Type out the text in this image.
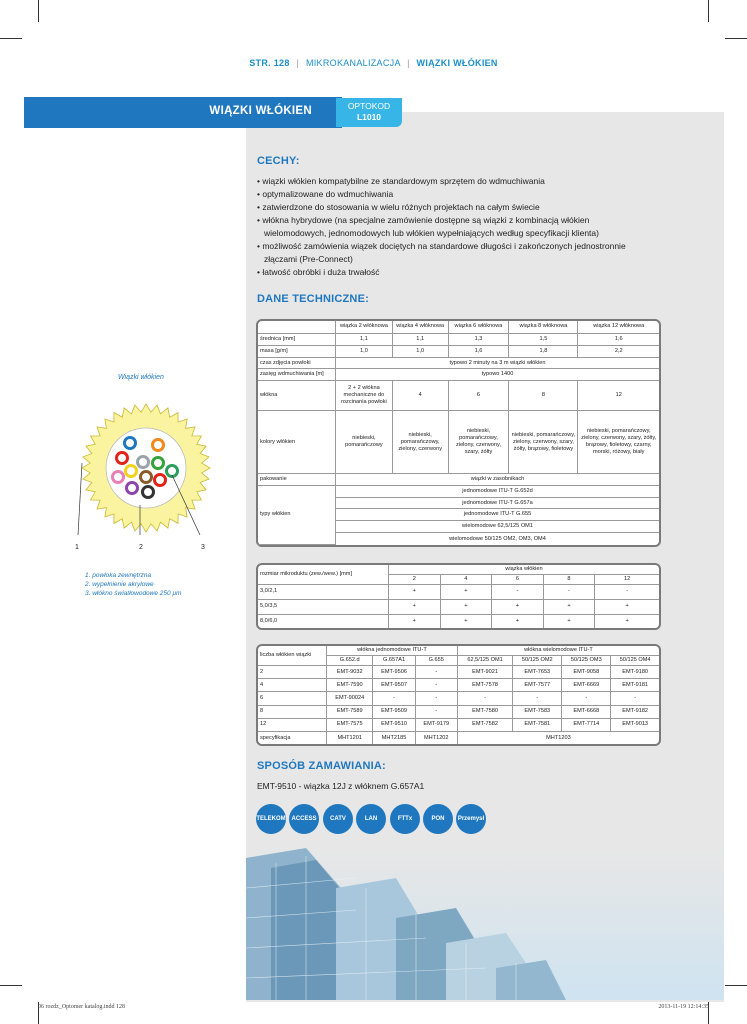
STR. 128 | MIKROKANALIZACJA | WIĄZKI WŁÓKIEN
WIĄZKI WŁÓKIEN	OPTOKOD
L1010
CECHY:
• wiązki włókien kompatybilne ze standardowym sprzętem do wdmuchiwania
• optymalizowane do wdmuchiwania
• zatwierdzone do stosowania w wielu różnych projektach na całym świecie
• włókna hybrydowe (na specjalne zamówienie dostępne są wiązki z kombinacją włókien wielomodowych, jednomodowych lub włókien wypełniających według specyfikacji klienta)
• możliwość zamówienia wiązek dociętych na standardowe długości i zakończonych jednostronnie złączami (Pre-Connect)
• łatwość obróbki i duża trwałość
DANE TECHNICZNE:
	wiązka 2 włóknowa	wiązka 4 włóknowa	wiązka 6 włóknowa	wiązka 8 włóknowa	wiązka 12 włóknowa
średnica [mm]	1,1	1,1	1,3	1,5	1,6
masa [g/m]	1,0	1,0	1,6	1,8	2,2
czas zdjęcia powłoki	typowo 2 minuty na 3 m wiązki włókien				
zasięg wdmuchiwania [m]	typowo 1400				
włókna	2 + 2 włókna mechaniczne do rozcinania powłoki	4	6	8	12
kolory włókien	niebieski, pomarańczowy	niebieski, pomarańczowy, zielony, czerwony	niebieski, pomarańczowy, zielony, czerwony, szary, żółty	niebieski, pomarańczowy, zielony, czerwony, szary, żółty, brązowy, fioletowy	niebieski, pomarańczowy, zielony, czerwony, szary, żółty, brązowy, fioletowy, czarny, morski, różowy, biały
pakowanie	wiązki w zasobnikach				
typy włókien	jednomodowe ITU-T G.652d				
	jednomodowe ITU-T G.657a				
	jednomodowe ITU-T G.655				
	wielomodowe 62,5/125 OM1				
	wielomodowe 50/125 OM2, OM3, OM4				
Wiązki włókien
1	2	3
1. powłoka zewnętrzna
2. wypełnienie akrylowe
3. włókno światłowodowe 250 μm
rozmiar mikroduktu (zew./wew.) [mm]	wiązka włókien				
	2	4	6	8	12
3,0/2,1	+	+	-	-	-
5,0/3,5	+	+	+	+	+
8,0/6,0	+	+	+	+	+
liczba włókien wiązki	włókna jednomodowe ITU-T			włókna wielomodowe ITU-T			
	G.652.d	G.657A1	G.655	62,5/125 OM1	50/125 OM2	50/125 OM3	50/125 OM4
2	EMT-9032	EMT-9506	-	EMT-9021	EMT-7653	EMT-9058	EMT-9180
4	EMT-7590	EMT-9507	-	EMT-7578	EMT-7577	EMT-6669	EMT-9181
6	EMT-90024	-	-	-	-	-	-
8	EMT-7589	EMT-9509	-	EMT-7580	EMT-7583	EMT-6668	EMT-9182
12	EMT-7575	EMT-9510	EMT-9179	EMT-7582	EMT-7581	EMT-7714	EMT-9013
specyfikacja	MHT1201	MHT2185	MHT1202	MHT1203			
SPOSÓB ZAMAWIANIA:
EMT-9510 - wiązka 12J z włóknem G.657A1
TELEKOM ACCESS	CATV	LAN	FTTx	PON	Przemysł
06 rozdz_Optomer katalog.indd 128	2013-11-19 12:14:35
